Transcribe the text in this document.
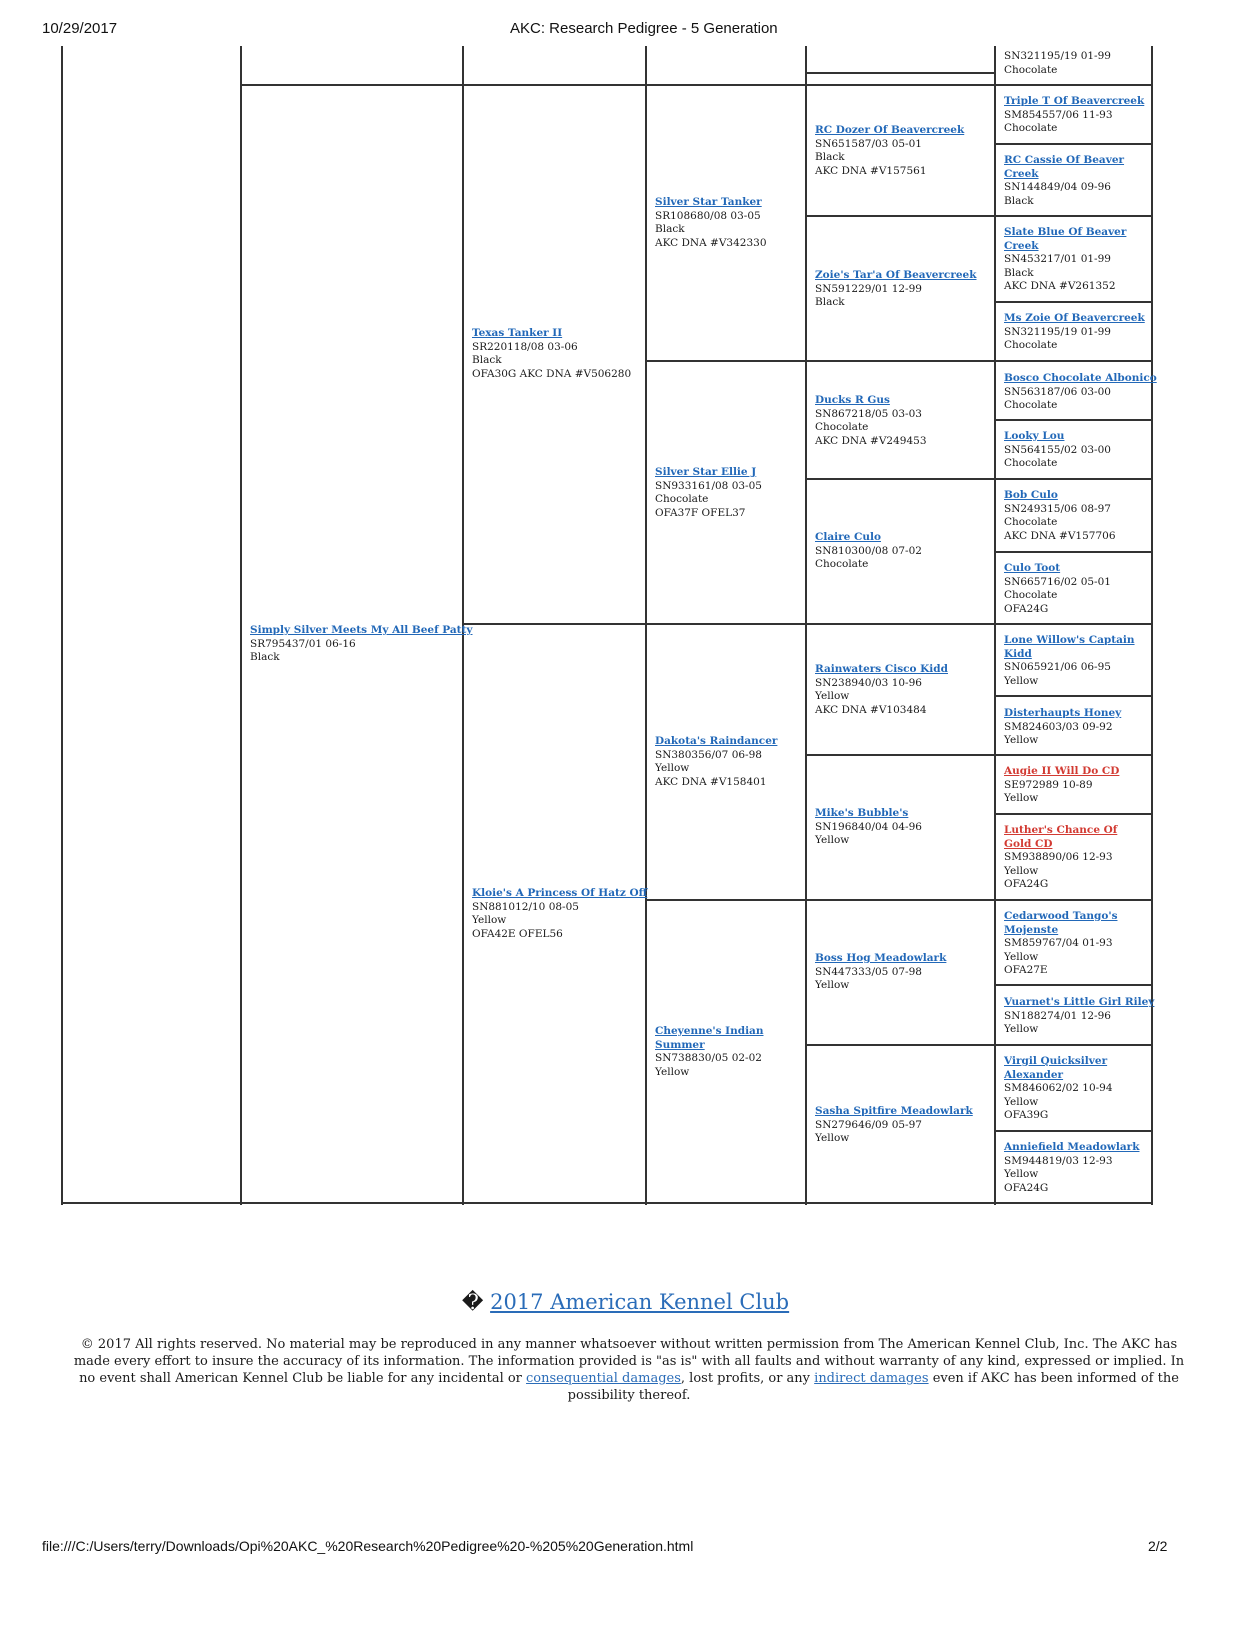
10/29/2017	AKC: Research Pedigree - 5 Generation
SN321195/19 01-99
Chocolate
Simply Silver Meets My All Beef Patty
SR795437/01 06-16
Black
Texas Tanker II
SR220118/08 03-06
Black
OFA30G AKC DNA #V506280
Kloie's A Princess Of Hatz Off
SN881012/10 08-05
Yellow
OFA42E OFEL56
Silver Star Tanker
SR108680/08 03-05
Black
AKC DNA #V342330
Silver Star Ellie J
SN933161/08 03-05
Chocolate
OFA37F OFEL37
Dakota's Raindancer
SN380356/07 06-98
Yellow
AKC DNA #V158401
Cheyenne's Indian Summer
SN738830/05 02-02
Yellow
RC Dozer Of Beavercreek
SN651587/03 05-01
Black
AKC DNA #V157561
Zoie's Tar'a Of Beavercreek
SN591229/01 12-99
Black
Ducks R Gus
SN867218/05 03-03
Chocolate
AKC DNA #V249453
Claire Culo
SN810300/08 07-02
Chocolate
Rainwaters Cisco Kidd
SN238940/03 10-96
Yellow
AKC DNA #V103484
Mike's Bubble's
SN196840/04 04-96
Yellow
Boss Hog Meadowlark
SN447333/05 07-98
Yellow
Sasha Spitfire Meadowlark
SN279646/09 05-97
Yellow
Triple T Of Beavercreek
SM854557/06 11-93
Chocolate
RC Cassie Of Beaver Creek
SN144849/04 09-96
Black
Slate Blue Of Beaver Creek
SN453217/01 01-99
Black
AKC DNA #V261352
Ms Zoie Of Beavercreek
SN321195/19 01-99
Chocolate
Bosco Chocolate Albonico
SN563187/06 03-00
Chocolate
Looky Lou
SN564155/02 03-00
Chocolate
Bob Culo
SN249315/06 08-97
Chocolate
AKC DNA #V157706
Culo Toot
SN665716/02 05-01
Chocolate
OFA24G
Lone Willow's Captain Kidd
SN065921/06 06-95
Yellow
Disterhaupts Honey
SM824603/03 09-92
Yellow
Augie II Will Do CD
SE972989 10-89
Yellow
Luther's Chance Of Gold CD
SM938890/06 12-93
Yellow
OFA24G
Cedarwood Tango's Mojenste
SM859767/04 01-93
Yellow
OFA27E
Vuarnet's Little Girl Riley
SN188274/01 12-96
Yellow
Virgil Quicksilver Alexander
SM846062/02 10-94
Yellow
OFA39G
Anniefield Meadowlark
SM944819/03 12-93
Yellow
OFA24G
� 2017 American Kennel Club
© 2017 All rights reserved. No material may be reproduced in any manner whatsoever without written permission from The American Kennel Club, Inc. The AKC has made every effort to insure the accuracy of its information. The information provided is "as is" with all faults and without warranty of any kind, expressed or implied. In no event shall American Kennel Club be liable for any incidental or consequential damages, lost profits, or any indirect damages even if AKC has been informed of the possibility thereof.
file:///C:/Users/terry/Downloads/Opi%20AKC_%20Research%20Pedigree%20-%205%20Generation.html	2/2
